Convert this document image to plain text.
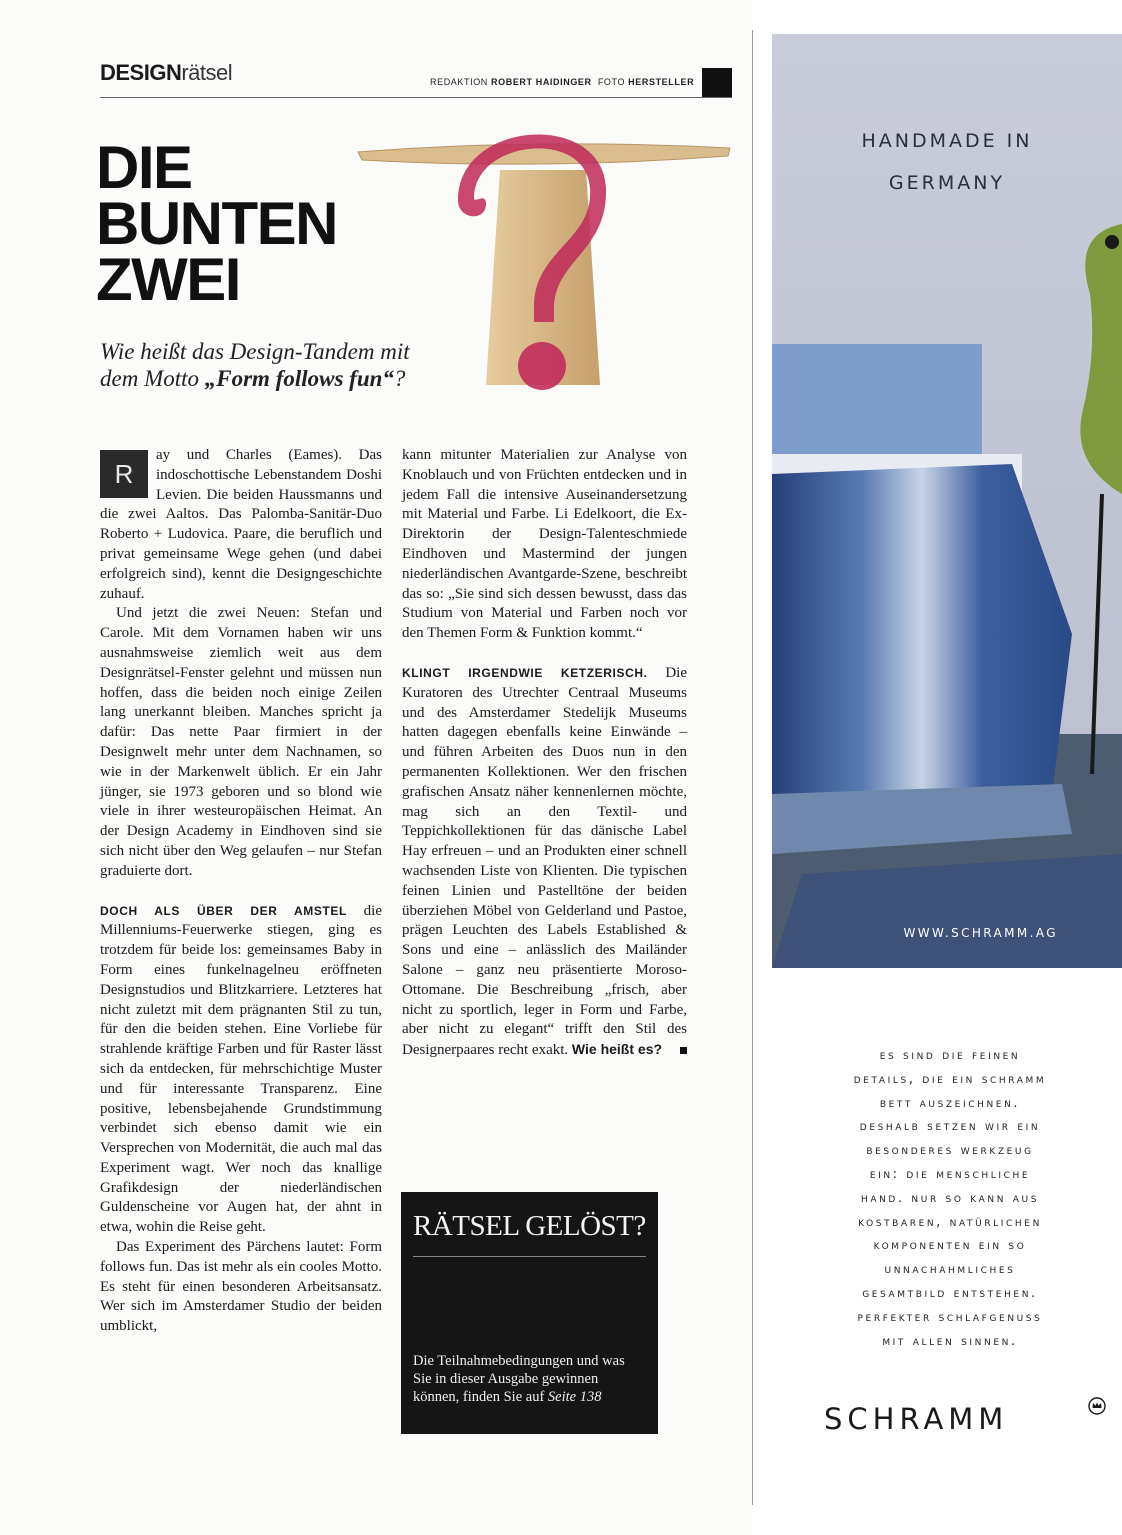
DESIGNrätsel	REDAKTION ROBERT HAIDINGER FOTO HERSTELLER
DIE
BUNTEN
ZWEI
Wie heißt das Design-Tandem mit
dem Motto „Form follows fun“?

R
ay und Charles (Eames). Das indoschottische Lebenstandem Doshi Levien. Die beiden Haussmanns und die zwei Aaltos. Das Palomba-Sanitär-Duo Roberto + Ludovica. Paare, die beruflich und privat gemeinsame Wege gehen (und dabei erfolgreich sind), kennt die Designgeschichte zuhauf.

Und jetzt die zwei Neuen: Stefan und Carole. Mit dem Vornamen haben wir uns ausnahmsweise ziemlich weit aus dem Designrätsel-Fenster gelehnt und müssen nun hoffen, dass die beiden noch einige Zeilen lang unerkannt bleiben. Manches spricht ja dafür: Das nette Paar firmiert in der Designwelt mehr unter dem Nachnamen, so wie in der Markenwelt üblich. Er ein Jahr jünger, sie 1973 geboren und so blond wie viele in ihrer westeuropäischen Heimat. An der Design Academy in Eindhoven sind sie sich nicht über den Weg gelaufen – nur Stefan graduierte dort.

DOCH ALS ÜBER DER AMSTEL die Millenniums-Feuerwerke stiegen, ging es trotzdem für beide los: gemeinsames Baby in Form eines funkelnagelneu eröffneten Designstudios und Blitzkarriere. Letzteres hat nicht zuletzt mit dem prägnanten Stil zu tun, für den die beiden stehen. Eine Vorliebe für strahlende kräftige Farben und für Raster lässt sich da entdecken, für mehrschichtige Muster und für interessante Transparenz. Eine positive, lebensbejahende Grundstimmung verbindet sich ebenso damit wie ein Versprechen von Modernität, die auch mal das Experiment wagt. Wer noch das knallige Grafikdesign der niederländischen Guldenscheine vor Augen hat, der ahnt in etwa, wohin die Reise geht.

Das Experiment des Pärchens lautet: Form follows fun. Das ist mehr als ein cooles Motto. Es steht für einen besonderen Arbeitsansatz. Wer sich im Amsterdamer Studio der beiden umblickt,

kann mitunter Materialien zur Analyse von Knoblauch und von Früchten entdecken und in jedem Fall die intensive Auseinandersetzung mit Material und Farbe. Li Edelkoort, die Ex-Direktorin der Design-Talenteschmiede Eindhoven und Mastermind der jungen niederländischen Avantgarde-Szene, beschreibt das so: „Sie sind sich dessen bewusst, dass das Studium von Material und Farben noch vor den Themen Form & Funktion kommt.“

KLINGT IRGENDWIE KETZERISCH. Die Kuratoren des Utrechter Centraal Museums und des Amsterdamer Stedelijk Museums hatten dagegen ebenfalls keine Einwände – und führen Arbeiten des Duos nun in den permanenten Kollektionen. Wer den frischen grafischen Ansatz näher kennenlernen möchte, mag sich an den Textil- und Teppichkollektionen für das dänische Label Hay erfreuen – und an Produkten einer schnell wachsenden Liste von Klienten. Die typischen feinen Linien und Pastelltöne der beiden überziehen Möbel von Gelderland und Pastoe, prägen Leuchten des Labels Established & Sons und eine – anlässlich des Mailänder Salone – ganz neu präsentierte Moroso-Ottomane. Die Beschreibung „frisch, aber nicht zu sportlich, leger in Form und Farbe, aber nicht zu elegant“ trifft den Stil des Designerpaares recht exakt. Wie heißt es?

RÄTSEL GELÖST?
Die Teilnahmebedingungen und was Sie in dieser Ausgabe gewinnen können, finden Sie auf Seite 138
HANDMADE IN
GERMANY
WWW.SCHRAMM.AG
es sind die feinen
details, die ein schramm
bett auszeichnen.
deshalb setzen wir ein
besonderes werkzeug
ein: die menschliche
hand. nur so kann aus
kostbaren, natürlichen
komponenten ein so
unnachahmliches
gesamtbild entstehen.
perfekter schlafgenuss
mit allen sinnen.
SCHRAMM
